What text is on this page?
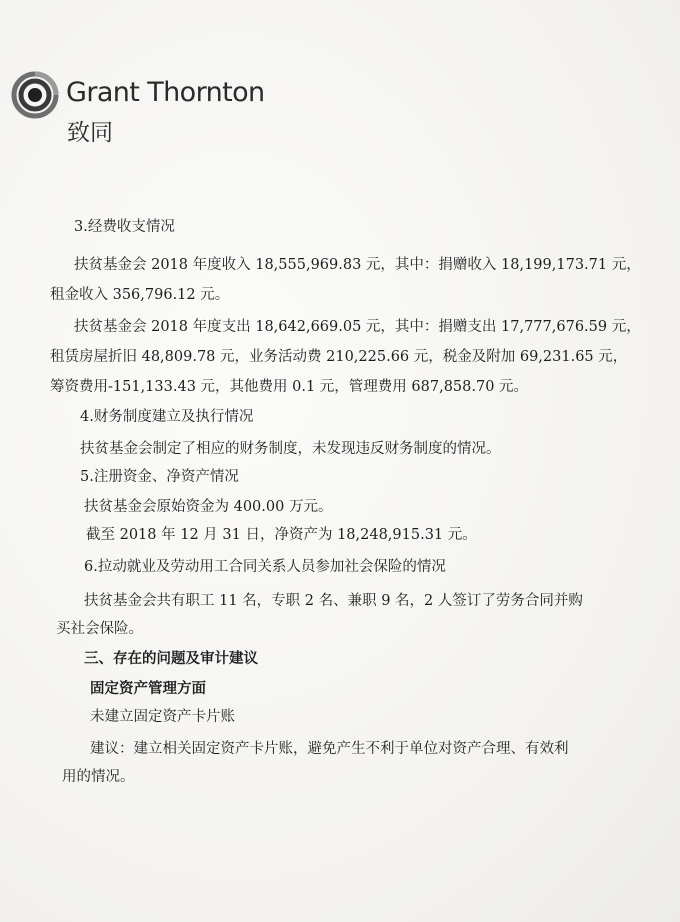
Grant Thornton
致同
3.经费收支情况
扶贫基金会 2018 年度收入 18,555,969.83 元，其中：捐赠收入 18,199,173.71 元，
租金收入 356,796.12 元。
扶贫基金会 2018 年度支出 18,642,669.05 元，其中：捐赠支出 17,777,676.59 元，
租赁房屋折旧 48,809.78 元，业务活动费 210,225.66 元，税金及附加 69,231.65 元，
筹资费用-151,133.43 元，其他费用 0.1 元，管理费用 687,858.70 元。
4.财务制度建立及执行情况
扶贫基金会制定了相应的财务制度，未发现违反财务制度的情况。
5.注册资金、净资产情况
扶贫基金会原始资金为 400.00 万元。
截至 2018 年 12 月 31 日，净资产为 18,248,915.31 元。
6.拉动就业及劳动用工合同关系人员参加社会保险的情况
扶贫基金会共有职工 11 名，专职 2 名、兼职 9 名，2 人签订了劳务合同并购
买社会保险。
三、存在的问题及审计建议
固定资产管理方面
未建立固定资产卡片账
建议：建立相关固定资产卡片账，避免产生不利于单位对资产合理、有效利
用的情况。
